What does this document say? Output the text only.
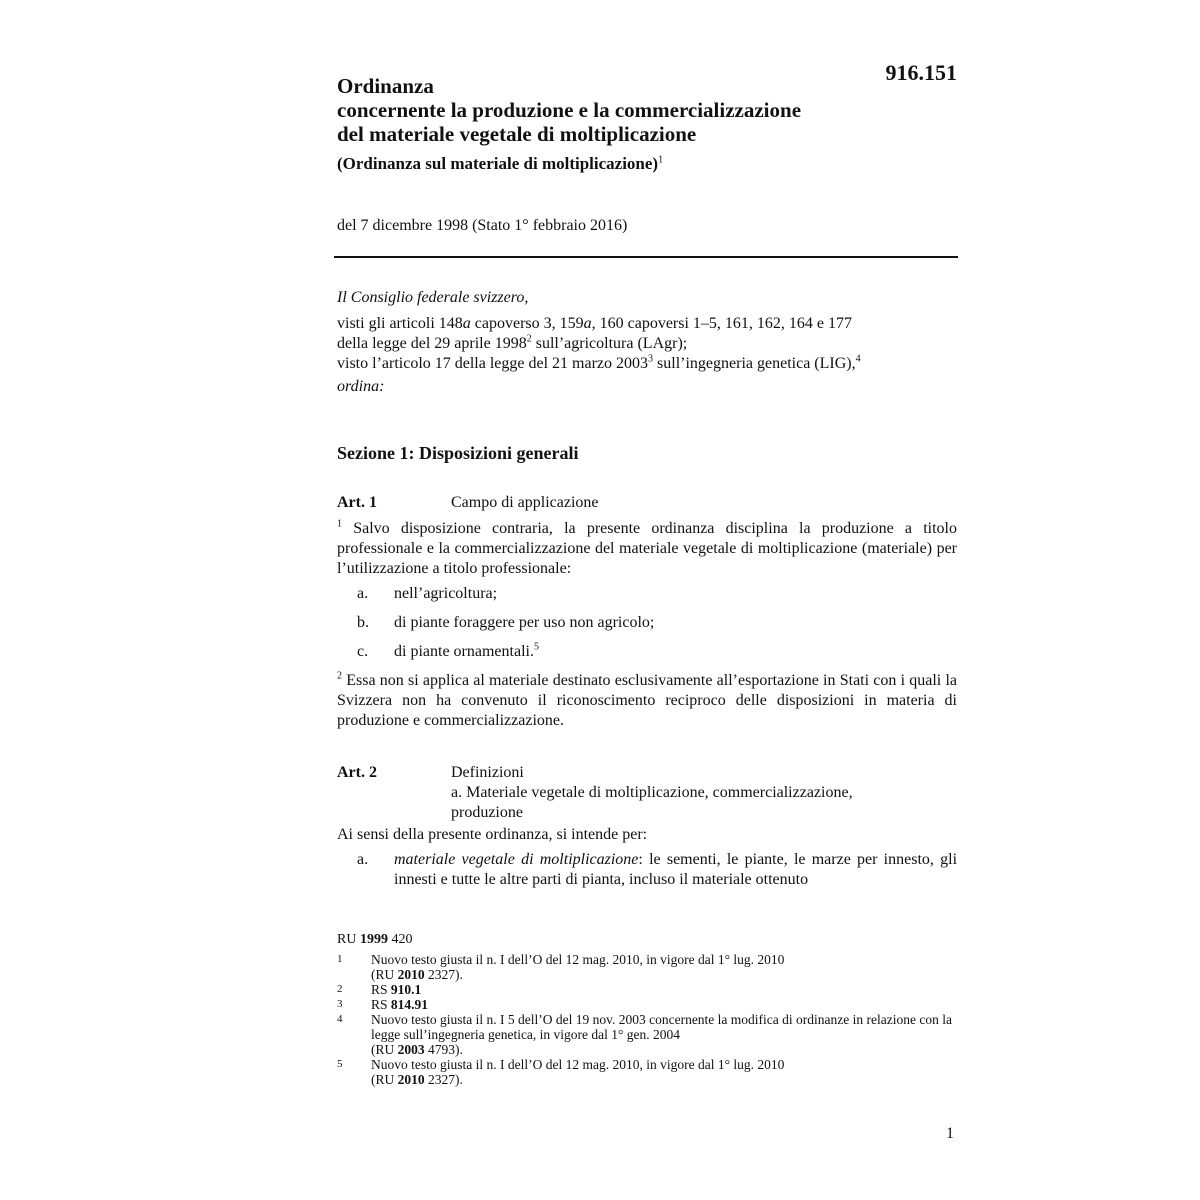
916.151
Ordinanza
concernente la produzione e la commercializzazione
del materiale vegetale di moltiplicazione
(Ordinanza sul materiale di moltiplicazione)$^1$
del 7 dicembre 1998 (Stato 1° febbraio 2016)
Il Consiglio federale svizzero,
visti gli articoli 148a capoverso 3, 159a, 160 capoversi 1–5, 161, 162, 164 e 177
della legge del 29 aprile 1998$^2$ sull’agricoltura (LAgr);
visto l’articolo 17 della legge del 21 marzo 2003$^3$ sull’ingegneria genetica (LIG),$^4$
ordina:
Sezione 1: Disposizioni generali
Art. 1	Campo di applicazione
$^1$ Salvo disposizione contraria, la presente ordinanza disciplina la produzione a titolo professionale e la commercializzazione del materiale vegetale di moltiplicazione (materiale) per l’utilizzazione a titolo professionale:
a.	nell’agricoltura;
b.	di piante foraggere per uso non agricolo;
c.	di piante ornamentali.$^5$
$^2$ Essa non si applica al materiale destinato esclusivamente all’esportazione in Stati con i quali la Svizzera non ha convenuto il riconoscimento reciproco delle disposizioni in materia di produzione e commercializzazione.
Art. 2	Definizioni
a. Materiale vegetale di moltiplicazione, commercializzazione, produzione
Ai sensi della presente ordinanza, si intende per:
a.	materiale vegetale di moltiplicazione: le sementi, le piante, le marze per innesto, gli innesti e tutte le altre parti di pianta, incluso il materiale ottenuto
RU 1999 420
1	Nuovo testo giusta il n. I dell’O del 12 mag. 2010, in vigore dal 1° lug. 2010
(RU 2010 2327).
2	RS 910.1
3	RS 814.91
4	Nuovo testo giusta il n. I 5 dell’O del 19 nov. 2003 concernente la modifica di ordinanze in relazione con la legge sull’ingegneria genetica, in vigore dal 1° gen. 2004
(RU 2003 4793).
5	Nuovo testo giusta il n. I dell’O del 12 mag. 2010, in vigore dal 1° lug. 2010
(RU 2010 2327).
1
